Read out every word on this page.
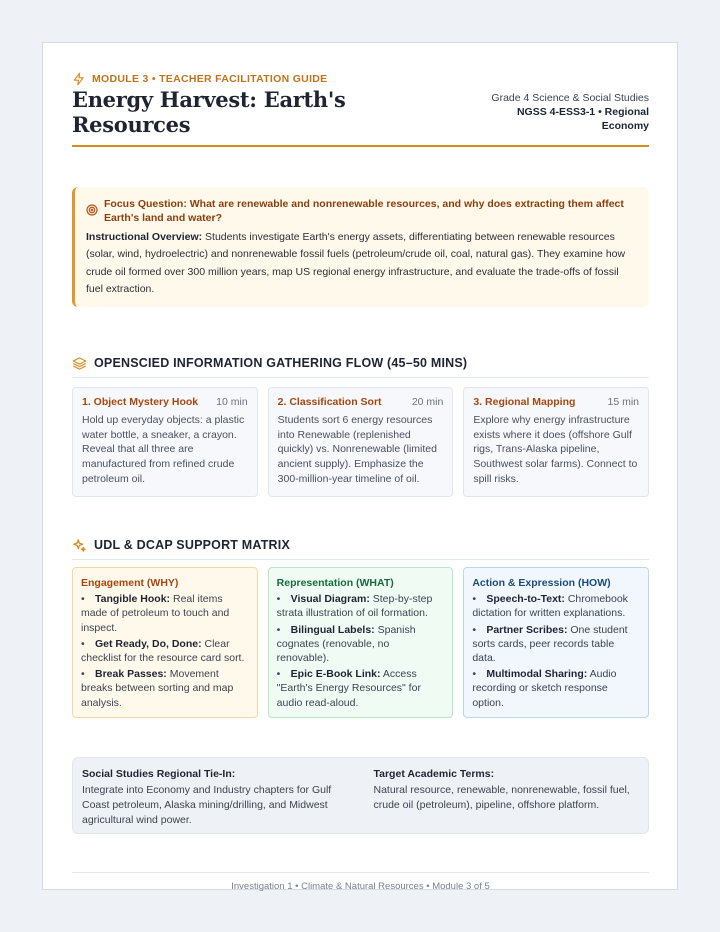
MODULE 3 • TEACHER FACILITATION GUIDE
Energy Harvest: Earth's Resources
Grade 4 Science & Social Studies
NGSS 4-ESS3-1 • Regional Economy
Focus Question: What are renewable and nonrenewable resources, and why does extracting them affect Earth's land and water?

Instructional Overview: Students investigate Earth's energy assets, differentiating between renewable resources (solar, wind, hydroelectric) and nonrenewable fossil fuels (petroleum/crude oil, coal, natural gas). They examine how crude oil formed over 300 million years, map US regional energy infrastructure, and evaluate the trade-offs of fossil fuel extraction.

OPENSCIED INFORMATION GATHERING FLOW (45–50 MINS)
1. Object Mystery Hook 10 min
Hold up everyday objects: a plastic water bottle, a sneaker, a crayon. Reveal that all three are manufactured from refined crude petroleum oil.
2. Classification Sort	20 min
Students sort 6 energy resources into Renewable (replenished quickly) vs. Nonrenewable (limited ancient supply). Emphasize the 300-million-year timeline of oil.
3. Regional Mapping	15 min
Explore why energy infrastructure exists where it does (offshore Gulf rigs, Trans-Alaska pipeline, Southwest solar farms). Connect to spill risks.
UDL & DCAP SUPPORT MATRIX
Engagement (WHY)
• Tangible Hook: Real items made of petroleum to touch and inspect.
• Get Ready, Do, Done: Clear checklist for the resource card sort.
• Break Passes: Movement breaks between sorting and map analysis.
Representation (WHAT)
• Visual Diagram: Step-by-step strata illustration of oil formation.
• Bilingual Labels: Spanish cognates (renovable, no renovable).
• Epic E-Book Link: Access "Earth's Energy Resources" for audio read-aloud.
Action & Expression (HOW)
• Speech-to-Text: Chromebook dictation for written explanations.
• Partner Scribes: One student sorts cards, peer records table data.
• Multimodal Sharing: Audio recording or sketch response option.
Social Studies Regional Tie-In:

Integrate into Economy and Industry chapters for Gulf Coast petroleum, Alaska mining/drilling, and Midwest agricultural wind power.

Target Academic Terms:

Natural resource, renewable, nonrenewable, fossil fuel, crude oil (petroleum), pipeline, offshore platform.

Investigation 1 • Climate & Natural Resources • Module 3 of 5
